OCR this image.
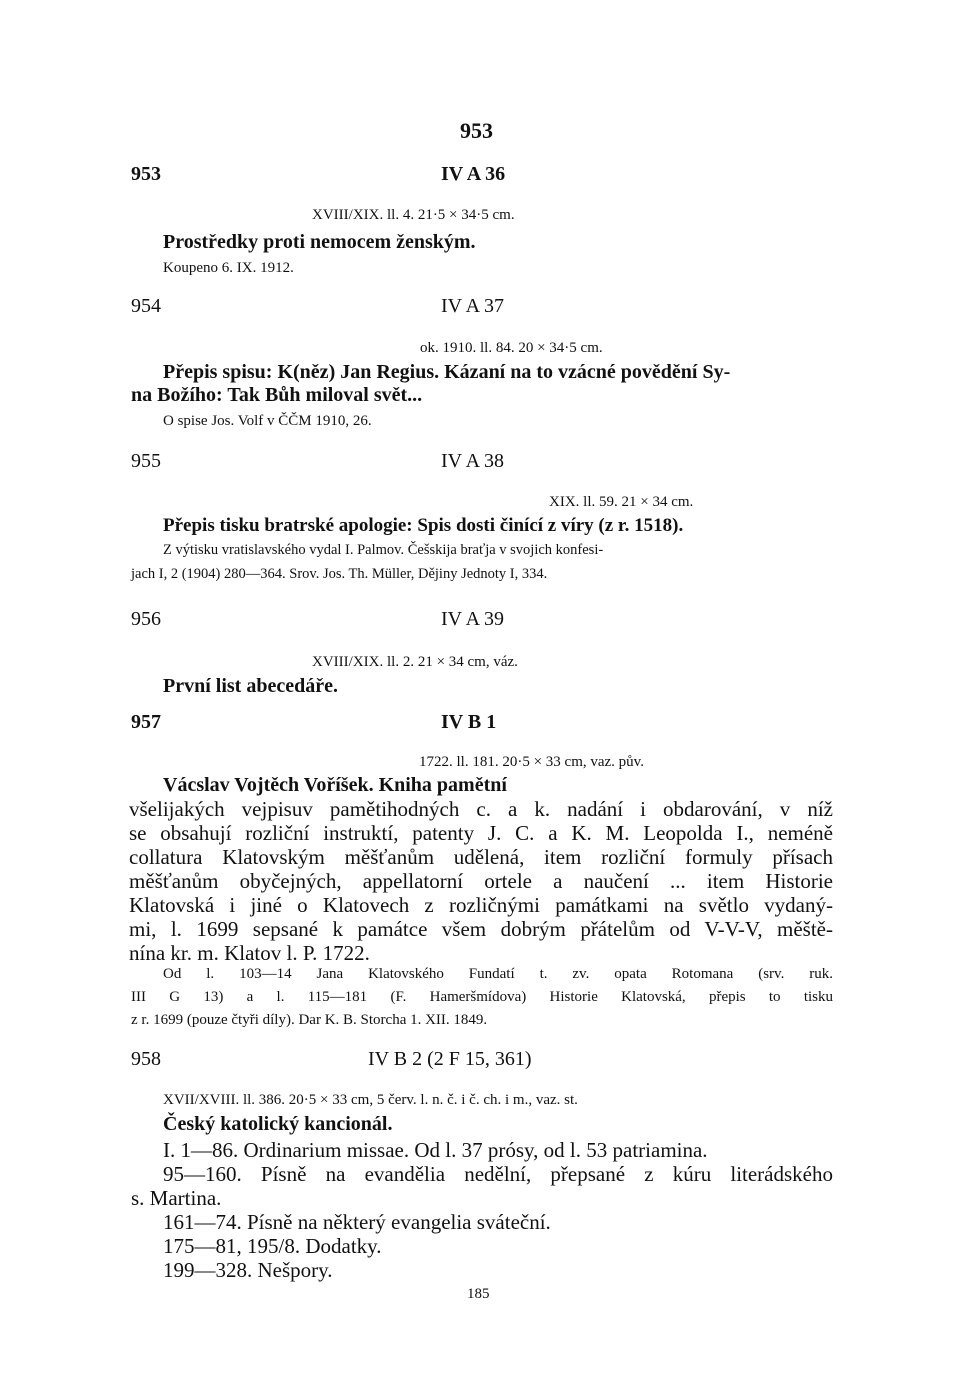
953
953	IV A 36
XVIII/XIX. ll. 4. 21·5 × 34·5 cm.
Prostředky proti nemocem ženským.
Koupeno 6. IX. 1912.
954	IV A 37
ok. 1910. ll. 84. 20 × 34·5 cm.
Přepis spisu: K(něz) Jan Regius. Kázaní na to vzácné povědění Sy-
na Božího: Tak Bůh miloval svět...
O spise Jos. Volf v ČČM 1910, 26.
955	IV A 38
XIX. ll. 59. 21 × 34 cm.
Přepis tisku bratrské apologie: Spis dosti činící z víry (z r. 1518).
Z výtisku vratislavského vydal I. Palmov. Češskija braťja v svojich konfesi-
jach I, 2 (1904) 280—364. Srov. Jos. Th. Müller, Dějiny Jednoty I, 334.
956	IV A 39
XVIII/XIX. ll. 2. 21 × 34 cm, váz.
První list abecedáře.
957	IV B 1
1722. ll. 181. 20·5 × 33 cm, vaz. pův.
Vácslav Vojtěch Voříšek. Kniha pamětní
všelijakých vejpisuv pamětihodných c. a k. nadání i obdarování, v níž
se obsahují rozliční instruktí, patenty J. C. a K. M. Leopolda I., neméně
collatura Klatovským měšťanům udělená, item rozliční formuly přísach
měšťanům obyčejných, appellatorní ortele a naučení ... item Historie
Klatovská i jiné o Klatovech z rozličnými památkami na světlo vydaný-
mi, l. 1699 sepsané k památce všem dobrým přátelům od V-V-V, měště-
nína kr. m. Klatov l. P. 1722.
Od l. 103—14 Jana Klatovského Fundatí t. zv. opata Rotomana (srv. ruk.
III G 13) a l. 115—181 (F. Hameršmídova) Historie Klatovská, přepis to tisku
z r. 1699 (pouze čtyři díly). Dar K. B. Storcha 1. XII. 1849.
958	IV B 2 (2 F 15, 361)
XVII/XVIII. ll. 386. 20·5 × 33 cm, 5 červ. l. n. č. i č. ch. i m., vaz. st.
Český katolický kancionál.
I. 1—86. Ordinarium missae. Od l. 37 prósy, od l. 53 patriamina.
95—160. Písně na evandělia nedělní, přepsané z kúru literádského
s. Martina.
161—74. Písně na některý evangelia sváteční.
175—81, 195/8. Dodatky.
199—328. Nešpory.
185
